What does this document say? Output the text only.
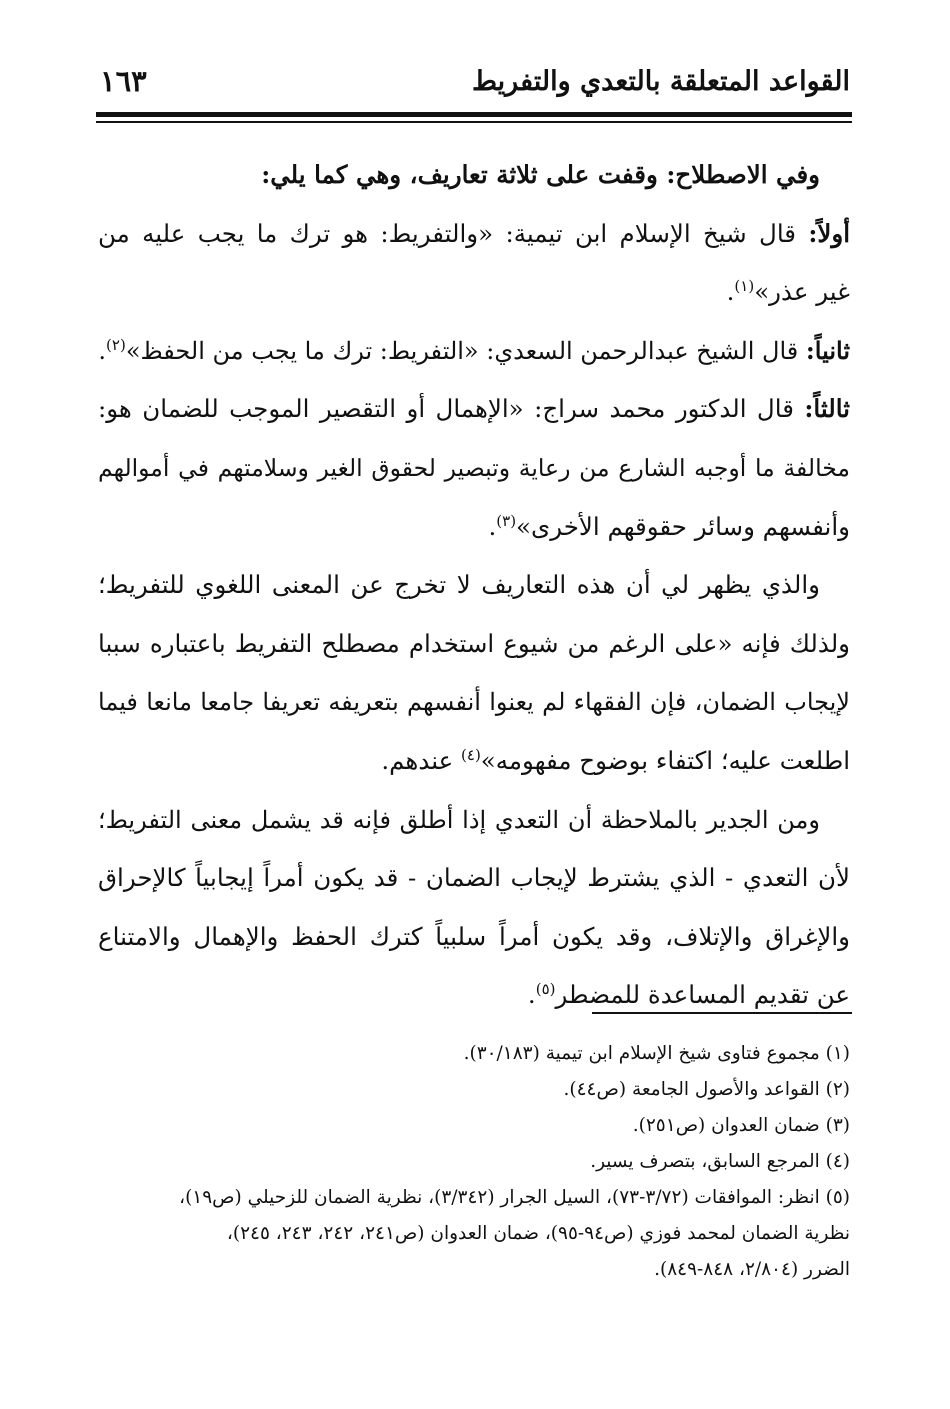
القواعد المتعلقة بالتعدي والتفريط
١٦٣
وفي الاصطلاح: وقفت على ثلاثة تعاريف، وهي كما يلي:
أولاً: قال شيخ الإسلام ابن تيمية: «والتفريط: هو ترك ما يجب عليه من
غير عذر»$^{(١)}$.
ثانياً: قال الشيخ عبدالرحمن السعدي: «التفريط: ترك ما يجب من الحفظ»$^{(٢)}$.
ثالثاً: قال الدكتور محمد سراج: «الإهمال أو التقصير الموجب للضمان هو:
مخالفة ما أوجبه الشارع من رعاية وتبصير لحقوق الغير وسلامتهم في أموالهم
وأنفسهم وسائر حقوقهم الأخرى»$^{(٣)}$.
والذي يظهر لي أن هذه التعاريف لا تخرج عن المعنى اللغوي للتفريط؛
ولذلك فإنه «على الرغم من شيوع استخدام مصطلح التفريط باعتباره سببا
لإيجاب الضمان، فإن الفقهاء لم يعنوا أنفسهم بتعريفه تعريفا جامعا مانعا فيما
اطلعت عليه؛ اكتفاء بوضوح مفهومه»$^{(٤)}$ عندهم.
ومن الجدير بالملاحظة أن التعدي إذا أطلق فإنه قد يشمل معنى التفريط؛
لأن التعدي - الذي يشترط لإيجاب الضمان - قد يكون أمراً إيجابياً كالإحراق
والإغراق والإتلاف، وقد يكون أمراً سلبياً كترك الحفظ والإهمال والامتناع
عن تقديم المساعدة للمضطر$^{(٥)}$.
(١) مجموع فتاوى شيخ الإسلام ابن تيمية (٣٠/١٨٣).
(٢) القواعد والأصول الجامعة (ص٤٤).
(٣) ضمان العدوان (ص٢٥١).
(٤) المرجع السابق، بتصرف يسير.
(٥) انظر: الموافقات (٣/٧٢-٧٣)، السيل الجرار (٣/٣٤٢)، نظرية الضمان للزحيلي (ص١٩)،
نظرية الضمان لمحمد فوزي (ص٩٤-٩٥)، ضمان العدوان (ص٢٤١، ٢٤٢، ٢٤٣، ٢٤٥)،
الضرر (٢/٨٠٤، ٨٤٨-٨٤٩).
